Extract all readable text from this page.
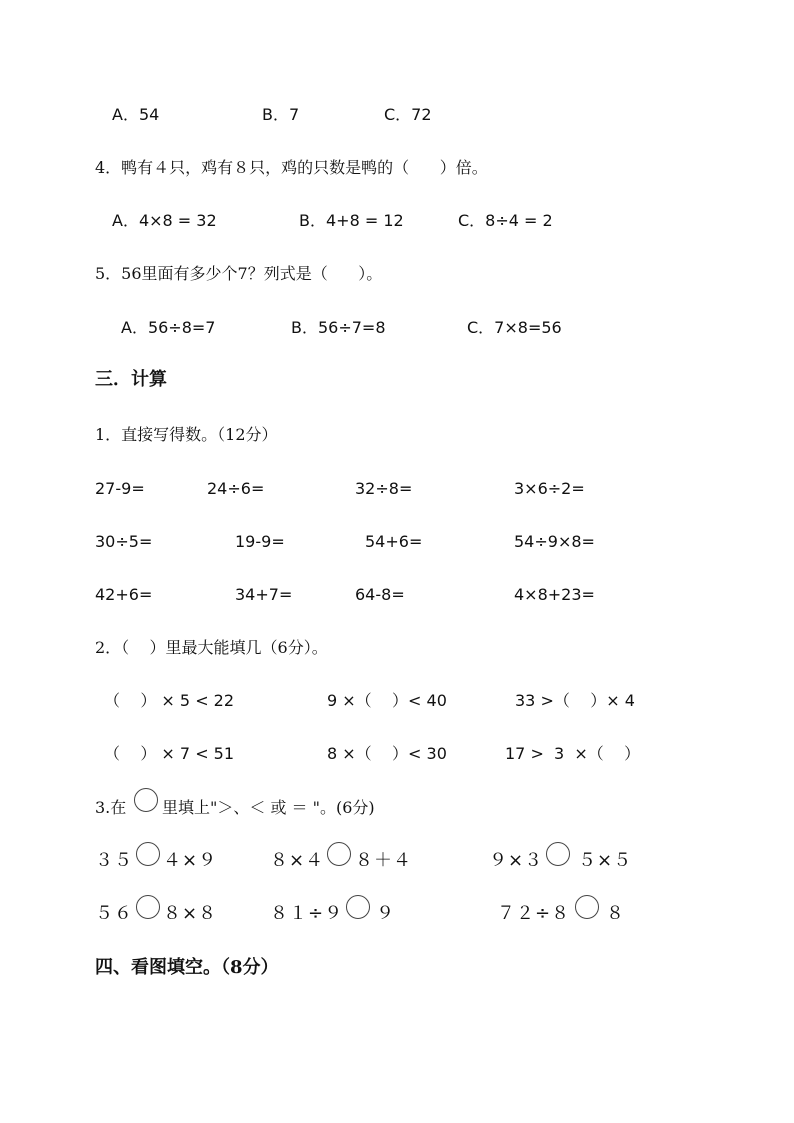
A．54	B．7	C．72
4．鸭有４只，鸡有８只，鸡的只数是鸭的（      ）倍。
A．4×8 = 32	B．4+8 = 12	C．8÷4 = 2
5．56里面有多少个7？列式是（      ）。
A．56÷8=7	B．56÷7=8	C．7×8=56
三．计算
1．直接写得数。（12分）
27-9=	24÷6=	32÷8=	3×6÷2=
30÷5=	19-9=	54+6=	54÷9×8=
42+6=	34+7=	64-8=	4×8+23=
2．（    ）里最大能填几（6分）。
（    ） × 5 < 22	9 ×（    ）< 40	33 >（    ）× 4
（    ） × 7 < 51	8 ×（    ）< 30	17 >  3  ×（    ）
3.在 里填上"＞、＜ 或 ＝ "。(6分)
３５ ４×９	８×４ ８＋４	９×３ ５×５
５６ ８×８	８１÷９ ９	７２÷８ ８
四、看图填空。（8分）
